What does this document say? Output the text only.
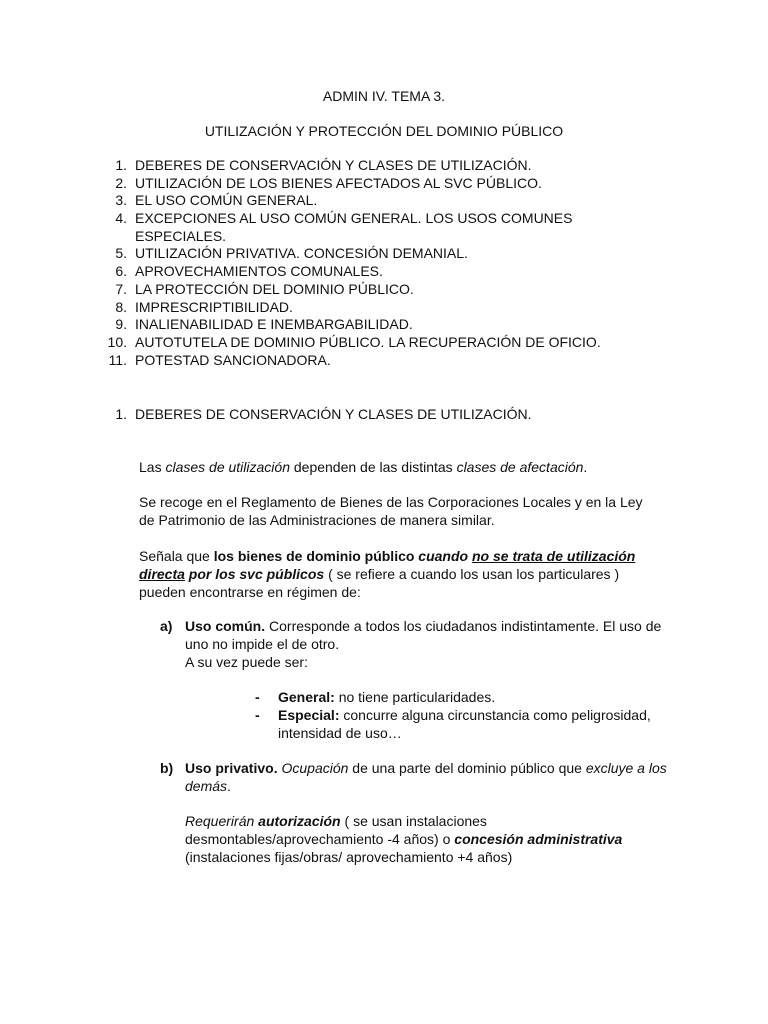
ADMIN IV. TEMA 3.

UTILIZACIÓN Y PROTECCIÓN DEL DOMINIO PÚBLICO

1. DEBERES DE CONSERVACIÓN Y CLASES DE UTILIZACIÓN.
2. UTILIZACIÓN DE LOS BIENES AFECTADOS AL SVC PÚBLICO.
3. EL USO COMÚN GENERAL.
4. EXCEPCIONES AL USO COMÚN GENERAL. LOS USOS COMUNES ESPECIALES.
5. UTILIZACIÓN PRIVATIVA. CONCESIÓN DEMANIAL.
6. APROVECHAMIENTOS COMUNALES.
7. LA PROTECCIÓN DEL DOMINIO PÚBLICO.
8. IMPRESCRIPTIBILIDAD.
9. INALIENABILIDAD E INEMBARGABILIDAD.
10. AUTOTUTELA DE DOMINIO PÚBLICO. LA RECUPERACIÓN DE OFICIO.
11. POTESTAD SANCIONADORA.
1. DEBERES DE CONSERVACIÓN Y CLASES DE UTILIZACIÓN.

Las clases de utilización dependen de las distintas clases de afectación.

Se recoge en el Reglamento de Bienes de las Corporaciones Locales y en la Ley de Patrimonio de las Administraciones de manera similar.

Señala que los bienes de dominio público cuando no se trata de utilización directa por los svc públicos ( se refiere a cuando los usan los particulares ) pueden encontrarse en régimen de:

a) Uso común. Corresponde a todos los ciudadanos indistintamente. El uso de uno no impide el de otro.
A su vez puede ser:

-	General: no tiene particularidades.

-	Especial: concurre alguna circunstancia como peligrosidad, intensidad de uso…

b) Uso privativo. Ocupación de una parte del dominio público que excluye a los demás.

Requerirán autorización ( se usan instalaciones desmontables/aprovechamiento -4 años) o concesión administrativa (instalaciones fijas/obras/ aprovechamiento +4 años)
